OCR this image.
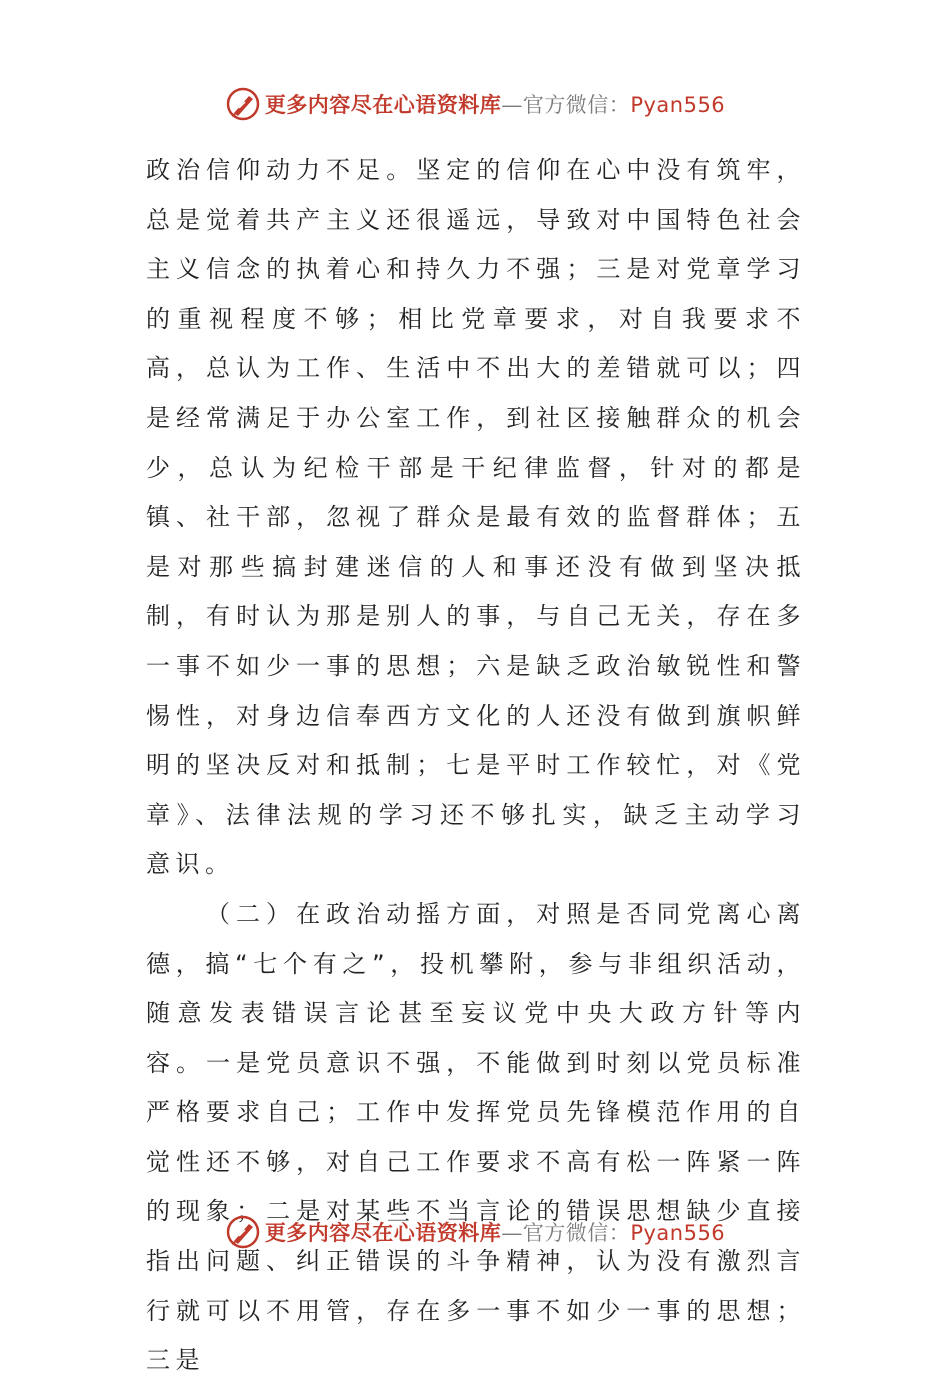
更多内容尽在心语资料库—官方微信：Pyan556

政治信仰动力不足。坚定的信仰在心中没有筑牢，总是觉着共产主义还很遥远，导致对中国特色社会主义信念的执着心和持久力不强；三是对党章学习的重视程度不够；相比党章要求，对自我要求不高，总认为工作、生活中不出大的差错就可以；四是经常满足于办公室工作，到社区接触群众的机会少，总认为纪检干部是干纪律监督，针对的都是镇、社干部，忽视了群众是最有效的监督群体；五是对那些搞封建迷信的人和事还没有做到坚决抵制，有时认为那是别人的事，与自己无关，存在多一事不如少一事的思想；六是缺乏政治敏锐性和警惕性，对身边信奉西方文化的人还没有做到旗帜鲜明的坚决反对和抵制；七是平时工作较忙，对《党章》、法律法规的学习还不够扎实，缺乏主动学习意识。

（二）在政治动摇方面，对照是否同党离心离德，搞“七个有之”，投机攀附，参与非组织活动，随意发表错误言论甚至妄议党中央大政方针等内容。一是党员意识不强，不能做到时刻以党员标准严格要求自己；工作中发挥党员先锋模范作用的自觉性还不够，对自己工作要求不高有松一阵紧一阵的现象；二是对某些不当言论的错误思想缺少直接指出问题、纠正错误的斗争精神，认为没有激烈言行就可以不用管，存在多一事不如少一事的思想；三是

更多内容尽在心语资料库—官方微信：Pyan556
